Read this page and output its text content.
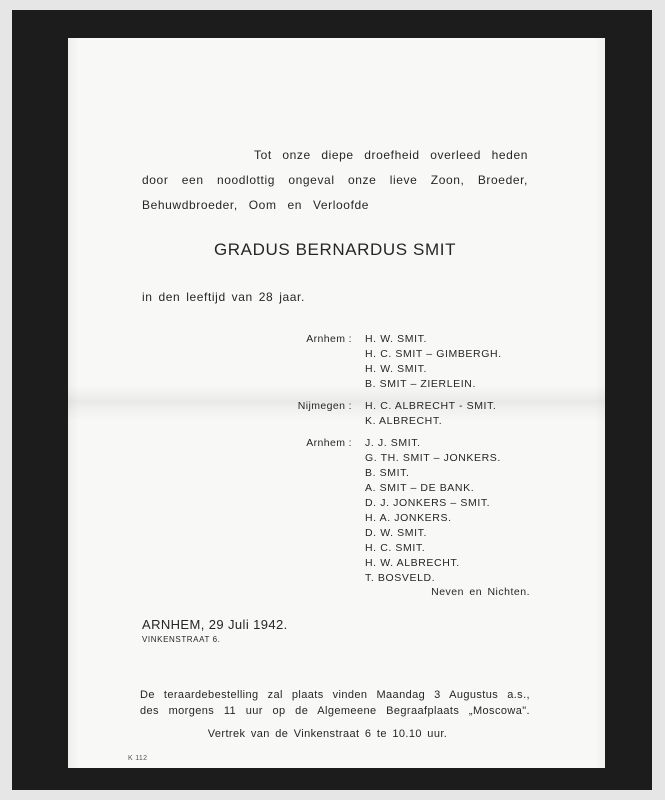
Tot onze diepe droefheid overleed heden
door een noodlottig ongeval onze lieve Zoon, Broeder,
Behuwdbroeder, Oom en Verloofde
GRADUS BERNARDUS SMIT
in den leeftijd van 28 jaar.
Arnhem : H. W. SMIT.
H. C. SMIT – GIMBERGH.
H. W. SMIT.
B. SMIT – ZIERLEIN.
Nijmegen : H. C. ALBRECHT - SMIT.
K. ALBRECHT.
Arnhem : J. J. SMIT.
G. TH. SMIT – JONKERS.
B. SMIT.
A. SMIT – DE BANK.
D. J. JONKERS – SMIT.
H. A. JONKERS.
D. W. SMIT.
H. C. SMIT.
H. W. ALBRECHT.
T. BOSVELD.
Neven en Nichten.
ARNHEM, 29 Juli 1942.
VINKENSTRAAT 6.
De teraardebestelling zal plaats vinden Maandag 3 Augustus a.s.,
des morgens 11 uur op de Algemeene Begraafplaats „Moscowa".
Vertrek van de Vinkenstraat 6 te 10.10 uur.
K 112
